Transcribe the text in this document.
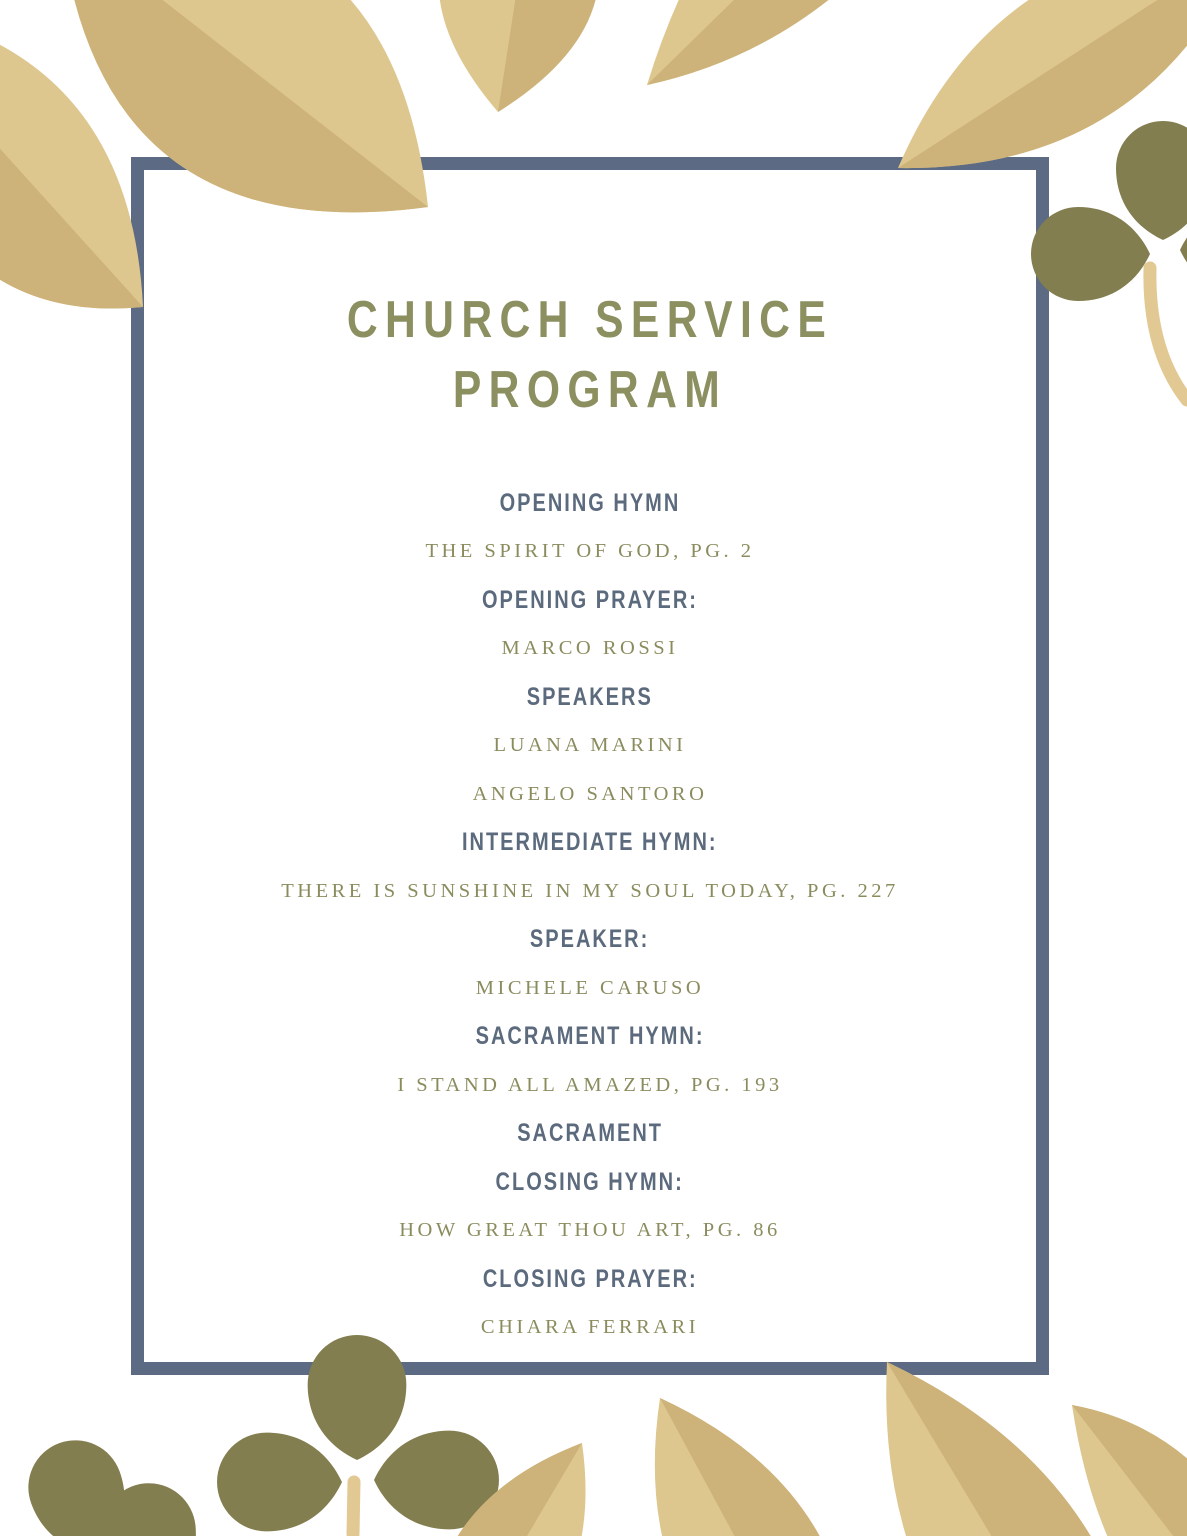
CHURCH SERVICE
PROGRAM
OPENING HYMN
THE SPIRIT OF GOD, PG. 2
OPENING PRAYER:
MARCO ROSSI
SPEAKERS
LUANA MARINI
ANGELO SANTORO
INTERMEDIATE HYMN:
THERE IS SUNSHINE IN MY SOUL TODAY, PG. 227
SPEAKER:
MICHELE CARUSO
SACRAMENT HYMN:
I STAND ALL AMAZED, PG. 193
SACRAMENT
CLOSING HYMN:
HOW GREAT THOU ART, PG. 86
CLOSING PRAYER:
CHIARA FERRARI
